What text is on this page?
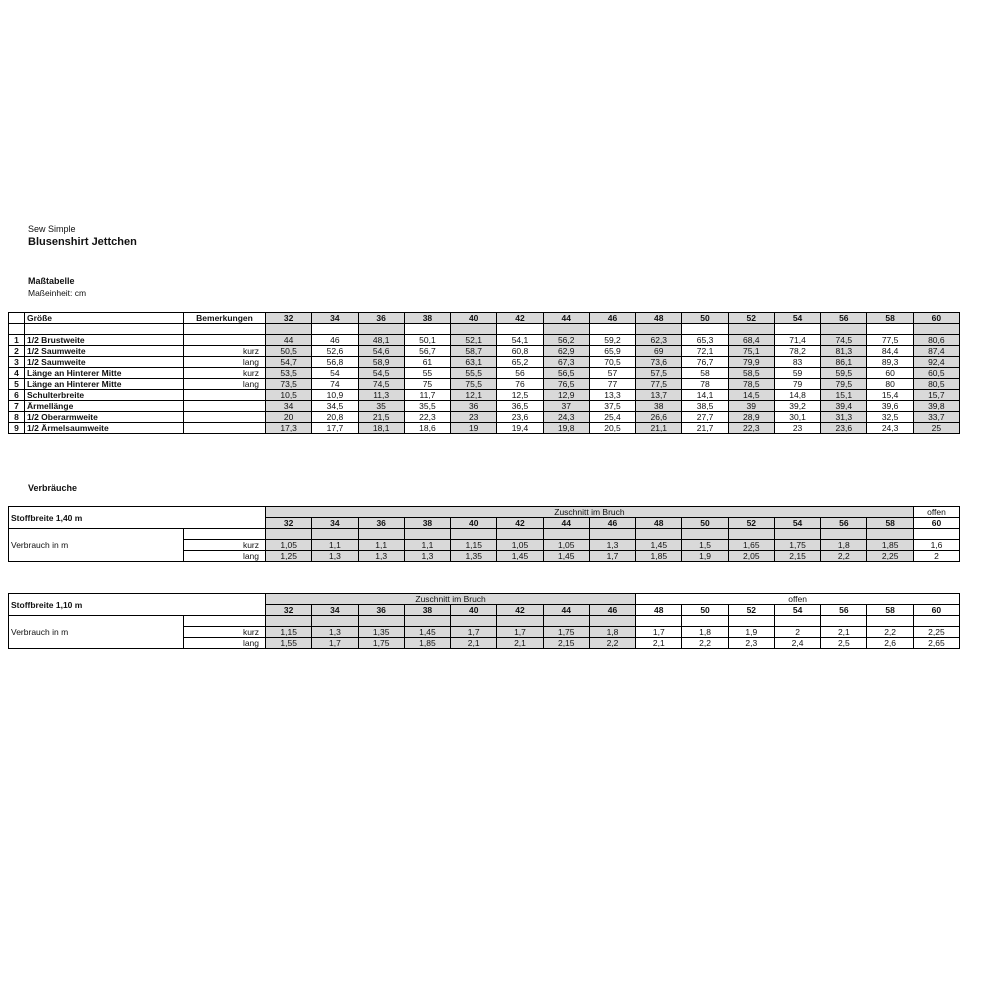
Sew Simple
Blusenshirt Jettchen
Maßtabelle
Maßeinheit: cm
Verbräuche
	Größe	Bemerkungen	32	34	36	38	40	42	44	46	48	50	52	54	56	58	60

1	1/2 Brustweite		44	46	48,1	50,1	52,1	54,1	56,2	59,2	62,3	65,3	68,4	71,4	74,5	77,5	80,6
2	1/2 Saumweite	kurz	50,5	52,6	54,6	56,7	58,7	60,8	62,9	65,9	69	72,1	75,1	78,2	81,3	84,4	87,4
3	1/2 Saumweite	lang	54,7	56,8	58,9	61	63,1	65,2	67,3	70,5	73,6	76,7	79,9	83	86,1	89,3	92,4
4	Länge an Hinterer Mitte	kurz	53,5	54	54,5	55	55,5	56	56,5	57	57,5	58	58,5	59	59,5	60	60,5
5	Länge an Hinterer Mitte	lang	73,5	74	74,5	75	75,5	76	76,5	77	77,5	78	78,5	79	79,5	80	80,5
6	Schulterbreite		10,5	10,9	11,3	11,7	12,1	12,5	12,9	13,3	13,7	14,1	14,5	14,8	15,1	15,4	15,7
7	Ärmellänge		34	34,5	35	35,5	36	36,5	37	37,5	38	38,5	39	39,2	39,4	39,6	39,8
8	1/2 Oberarmweite		20	20,8	21,5	22,3	23	23,6	24,3	25,4	26,6	27,7	28,9	30,1	31,3	32,5	33,7
9	1/2 Ärmelsaumweite		17,3	17,7	18,1	18,6	19	19,4	19,8	20,5	21,1	21,7	22,3	23	23,6	24,3	25
Stoffbreite 1,40 m		Zuschnitt im Bruch														offen
		32	34	36	38	40	42	44	46	48	50	52	54	56	58	60
Verbrauch in m																
	kurz	1,05	1,1	1,1	1,1	1,15	1,05	1,05	1,3	1,45	1,5	1,65	1,75	1,8	1,85	1,6
	lang	1,25	1,3	1,3	1,3	1,35	1,45	1,45	1,7	1,85	1,9	2,05	2,15	2,2	2,25	2
Stoffbreite 1,10 m		Zuschnitt im Bruch								offen						
		32	34	36	38	40	42	44	46	48	50	52	54	56	58	60
Verbrauch in m																
	kurz	1,15	1,3	1,35	1,45	1,7	1,7	1,75	1,8	1,7	1,8	1,9	2	2,1	2,2	2,25
	lang	1,55	1,7	1,75	1,85	2,1	2,1	2,15	2,2	2,1	2,2	2,3	2,4	2,5	2,6	2,65
